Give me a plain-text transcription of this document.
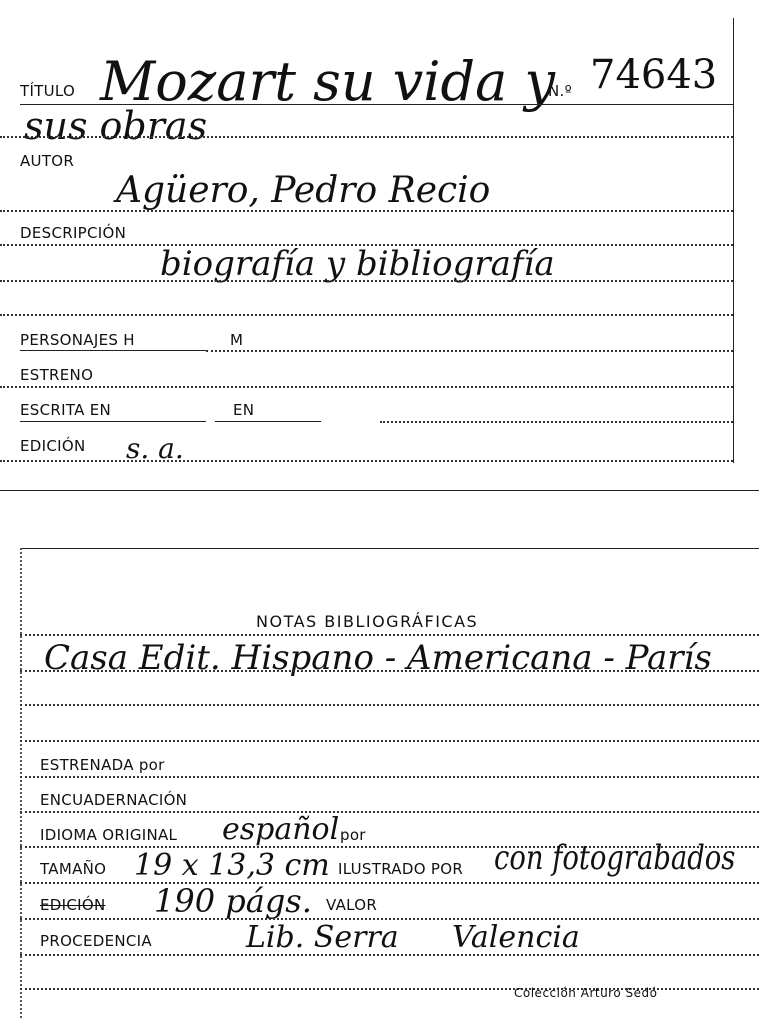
TÍTULO Mozart su vida y
N.º 74643
sus obras
AUTOR
Agüero, Pedro Recio
DESCRIPCIÓN
biografía y bibliografía
PERSONAJES H	M
ESTRENO
ESCRITA EN	EN
EDICIÓN s. a.
NOTAS BIBLIOGRÁFICAS
Casa Edit. Hispano - Americana - París
ESTRENADA por
ENCUADERNACIÓN
IDIOMA ORIGINAL español por
TAMAÑO 19 x 13,3 cm ILUSTRADO POR con fotograbados
EDICIÓN 190 págs. VALOR
PROCEDENCIA	Lib. Serra Valencia
Colección Arturo Sedó
